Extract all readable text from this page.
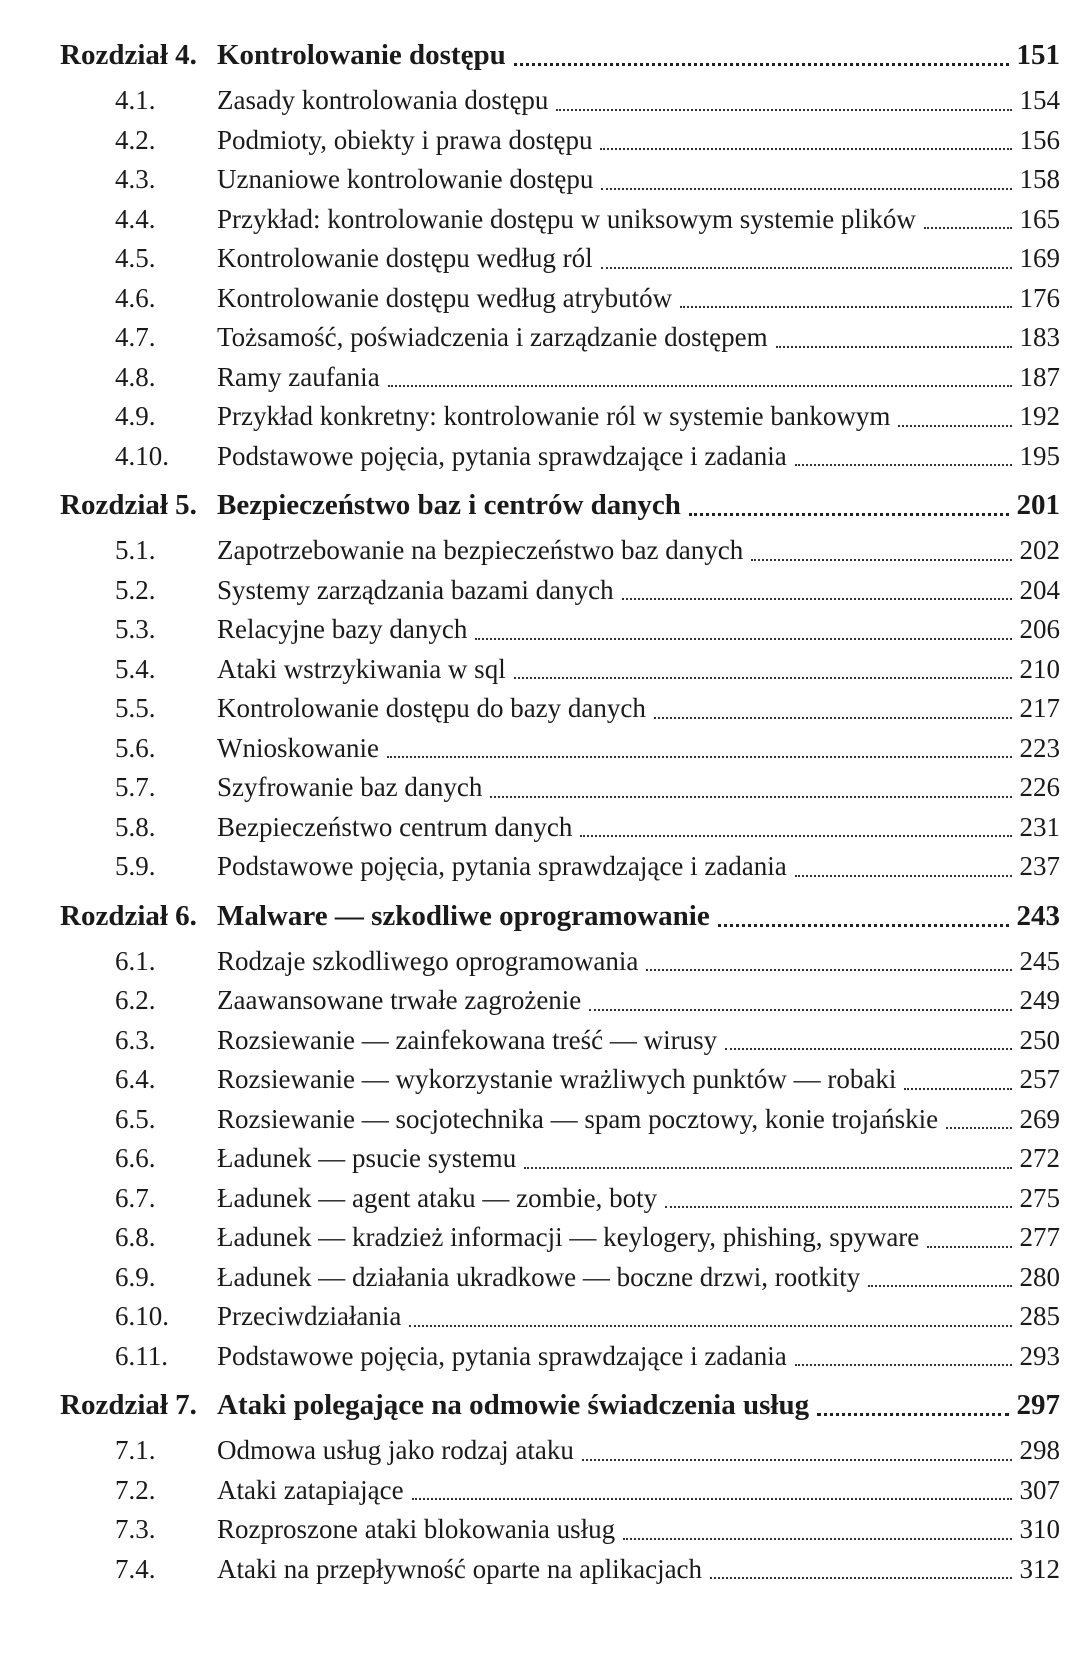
Rozdział 4. Kontrolowanie dostępu	151
4.1.	Zasady kontrolowania dostępu	154
4.2.	Podmioty, obiekty i prawa dostępu	156
4.3.	Uznaniowe kontrolowanie dostępu	158
4.4.	Przykład: kontrolowanie dostępu w uniksowym systemie plików	165
4.5.	Kontrolowanie dostępu według ról	169
4.6.	Kontrolowanie dostępu według atrybutów	176
4.7.	Tożsamość, poświadczenia i zarządzanie dostępem	183
4.8.	Ramy zaufania	187
4.9.	Przykład konkretny: kontrolowanie ról w systemie bankowym	192
4.10.	Podstawowe pojęcia, pytania sprawdzające i zadania	195
Rozdział 5. Bezpieczeństwo baz i centrów danych	201
5.1.	Zapotrzebowanie na bezpieczeństwo baz danych	202
5.2.	Systemy zarządzania bazami danych	204
5.3.	Relacyjne bazy danych	206
5.4.	Ataki wstrzykiwania w sql	210
5.5.	Kontrolowanie dostępu do bazy danych	217
5.6.	Wnioskowanie	223
5.7.	Szyfrowanie baz danych	226
5.8.	Bezpieczeństwo centrum danych	231
5.9.	Podstawowe pojęcia, pytania sprawdzające i zadania	237
Rozdział 6. Malware — szkodliwe oprogramowanie	243
6.1.	Rodzaje szkodliwego oprogramowania	245
6.2.	Zaawansowane trwałe zagrożenie	249
6.3.	Rozsiewanie — zainfekowana treść — wirusy	250
6.4.	Rozsiewanie — wykorzystanie wrażliwych punktów — robaki	257
6.5.	Rozsiewanie — socjotechnika — spam pocztowy, konie trojańskie	269
6.6.	Ładunek — psucie systemu	272
6.7.	Ładunek — agent ataku — zombie, boty	275
6.8.	Ładunek — kradzież informacji — keylogery, phishing, spyware	277
6.9.	Ładunek — działania ukradkowe — boczne drzwi, rootkity	280
6.10.	Przeciwdziałania	285
6.11.	Podstawowe pojęcia, pytania sprawdzające i zadania	293
Rozdział 7. Ataki polegające na odmowie świadczenia usług	297
7.1.	Odmowa usług jako rodzaj ataku	298
7.2.	Ataki zatapiające	307
7.3.	Rozproszone ataki blokowania usług	310
7.4.	Ataki na przepływność oparte na aplikacjach	312
